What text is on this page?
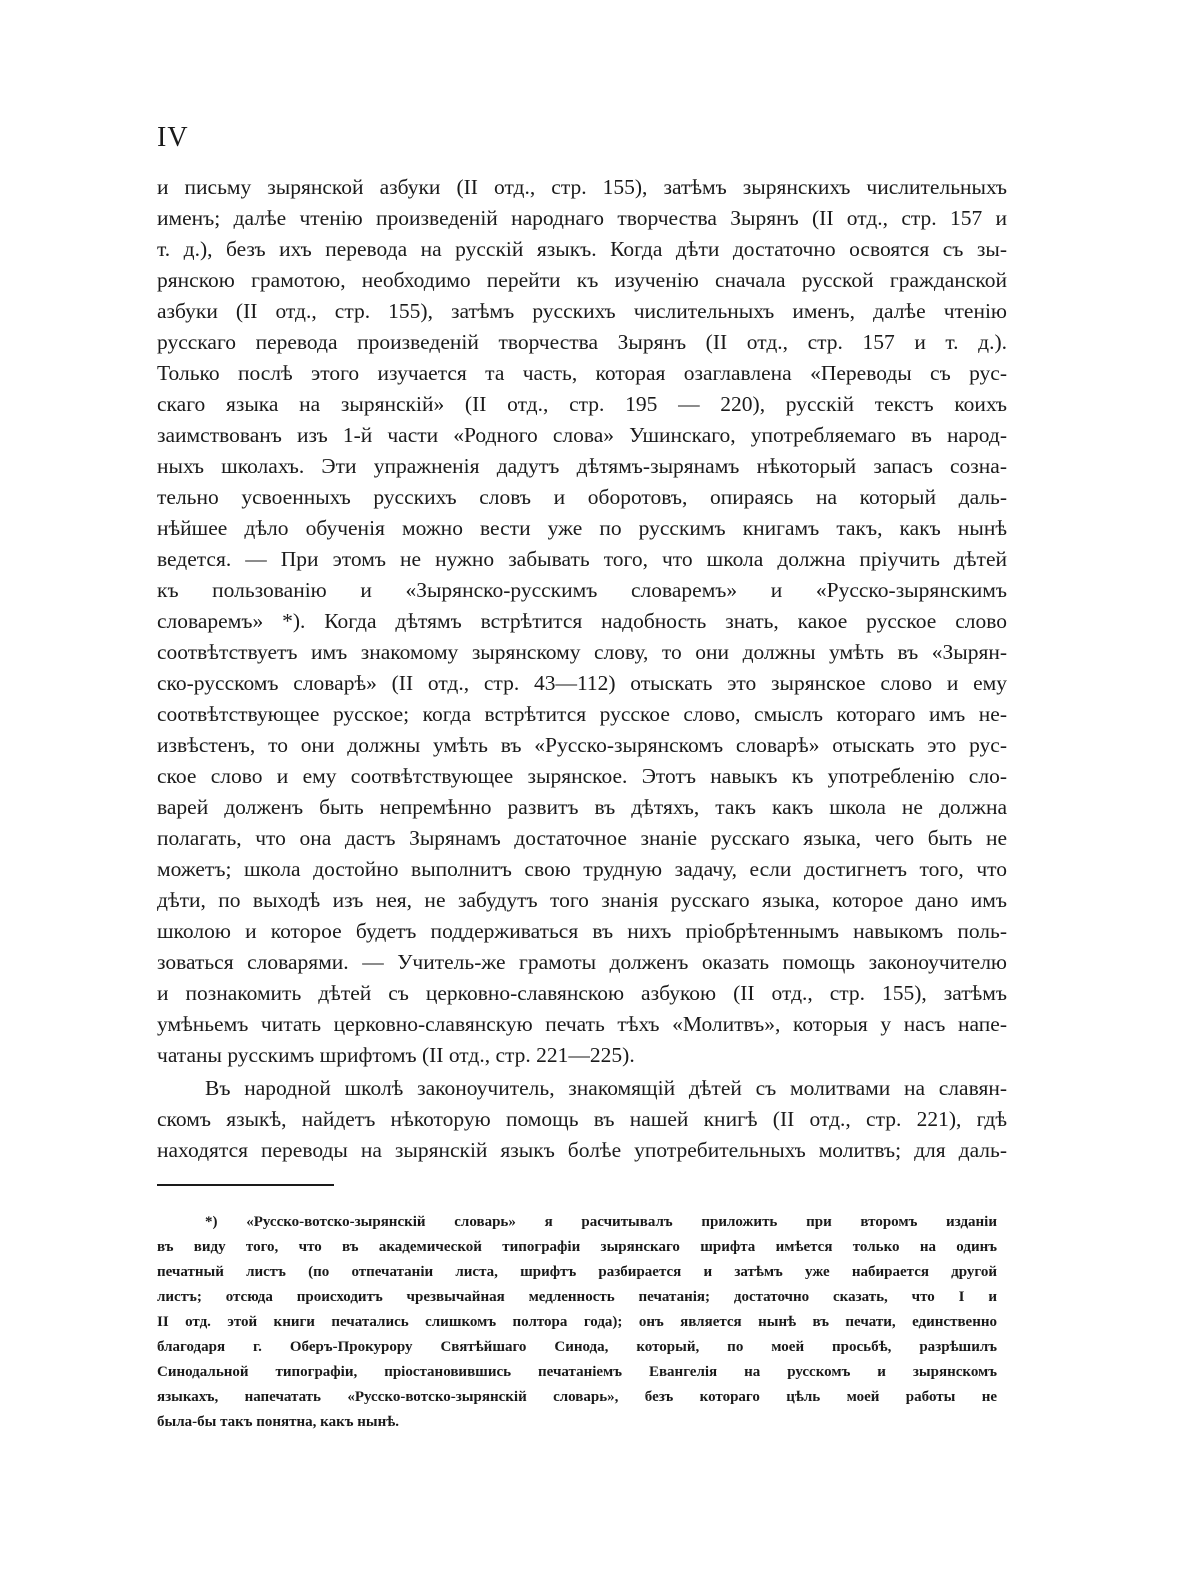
IV
и письму зырянской азбуки (II отд., стр. 155), затѣмъ зырянскихъ числительныхъ
именъ; далѣе чтенію произведеній народнаго творчества Зырянъ (II отд., стр. 157 и
т. д.), безъ ихъ перевода на русскій языкъ. Когда дѣти достаточно освоятся съ зы-
рянскою грамотою, необходимо перейти къ изученію сначала русской гражданской
азбуки (II отд., стр. 155), затѣмъ русскихъ числительныхъ именъ, далѣе чтенію
русскаго перевода произведеній творчества Зырянъ (II отд., стр. 157 и т. д.).
Только послѣ этого изучается та часть, которая озаглавлена «Переводы съ рус-
скаго языка на зырянскій» (II отд., стр. 195 — 220), русскій текстъ коихъ
заимствованъ изъ 1-й части «Родного слова» Ушинскаго, употребляемаго въ народ-
ныхъ школахъ. Эти упражненія дадутъ дѣтямъ-зырянамъ нѣкоторый запасъ созна-
тельно усвоенныхъ русскихъ словъ и оборотовъ, опираясь на который даль-
нѣйшее дѣло обученія можно вести уже по русскимъ книгамъ такъ, какъ нынѣ
ведется. — При этомъ не нужно забывать того, что школа должна пріучить дѣтей
къ пользованію и «Зырянско-русскимъ словаремъ» и «Русско-зырянскимъ
словаремъ» *). Когда дѣтямъ встрѣтится надобность знать, какое русское слово
соотвѣтствуетъ имъ знакомому зырянскому слову, то они должны умѣть въ «Зырян-
ско-русскомъ словарѣ» (II отд., стр. 43—112) отыскать это зырянское слово и ему
соотвѣтствующее русское; когда встрѣтится русское слово, смыслъ котораго имъ не-
извѣстенъ, то они должны умѣть въ «Русско-зырянскомъ словарѣ» отыскать это рус-
ское слово и ему соотвѣтствующее зырянское. Этотъ навыкъ къ употребленію сло-
варей долженъ быть непремѣнно развитъ въ дѣтяхъ, такъ какъ школа не должна
полагать, что она дастъ Зырянамъ достаточное знаніе русскаго языка, чего быть не
можетъ; школа достойно выполнитъ свою трудную задачу, если достигнетъ того, что
дѣти, по выходѣ изъ нея, не забудутъ того знанія русскаго языка, которое дано имъ
школою и которое будетъ поддерживаться въ нихъ пріобрѣтеннымъ навыкомъ поль-
зоваться словарями. — Учитель-же грамоты долженъ оказать помощь законоучителю
и познакомить дѣтей съ церковно-славянскою азбукою (II отд., стр. 155), затѣмъ
умѣньемъ читать церковно-славянскую печать тѣхъ «Молитвъ», которыя у насъ напе-
чатаны русскимъ шрифтомъ (II отд., стр. 221—225).
Въ народной школѣ законоучитель, знакомящій дѣтей съ молитвами на славян-
скомъ языкѣ, найдетъ нѣкоторую помощь въ нашей книгѣ (II отд., стр. 221), гдѣ
находятся переводы на зырянскій языкъ болѣе употребительныхъ молитвъ; для даль-
*) «Русско-вотско-зырянскій словарь» я расчитывалъ приложить при второмъ изданіи
въ виду того, что въ академической типографіи зырянскаго шрифта имѣется только на одинъ
печатный листъ (по отпечатаніи листа, шрифтъ разбирается и затѣмъ уже набирается другой
листъ; отсюда происходитъ чрезвычайная медленность печатанія; достаточно сказать, что I и
II отд. этой книги печатались слишкомъ полтора года); онъ является нынѣ въ печати, единственно
благодаря г. Оберъ-Прокурору Святѣйшаго Синода, который, по моей просьбѣ, разрѣшилъ
Синодальной типографіи, пріостановившись печатаніемъ Евангелія на русскомъ и зырянскомъ
языкахъ, напечатать «Русско-вотско-зырянскій словарь», безъ котораго цѣль моей работы не
была-бы такъ понятна, какъ нынѣ.
